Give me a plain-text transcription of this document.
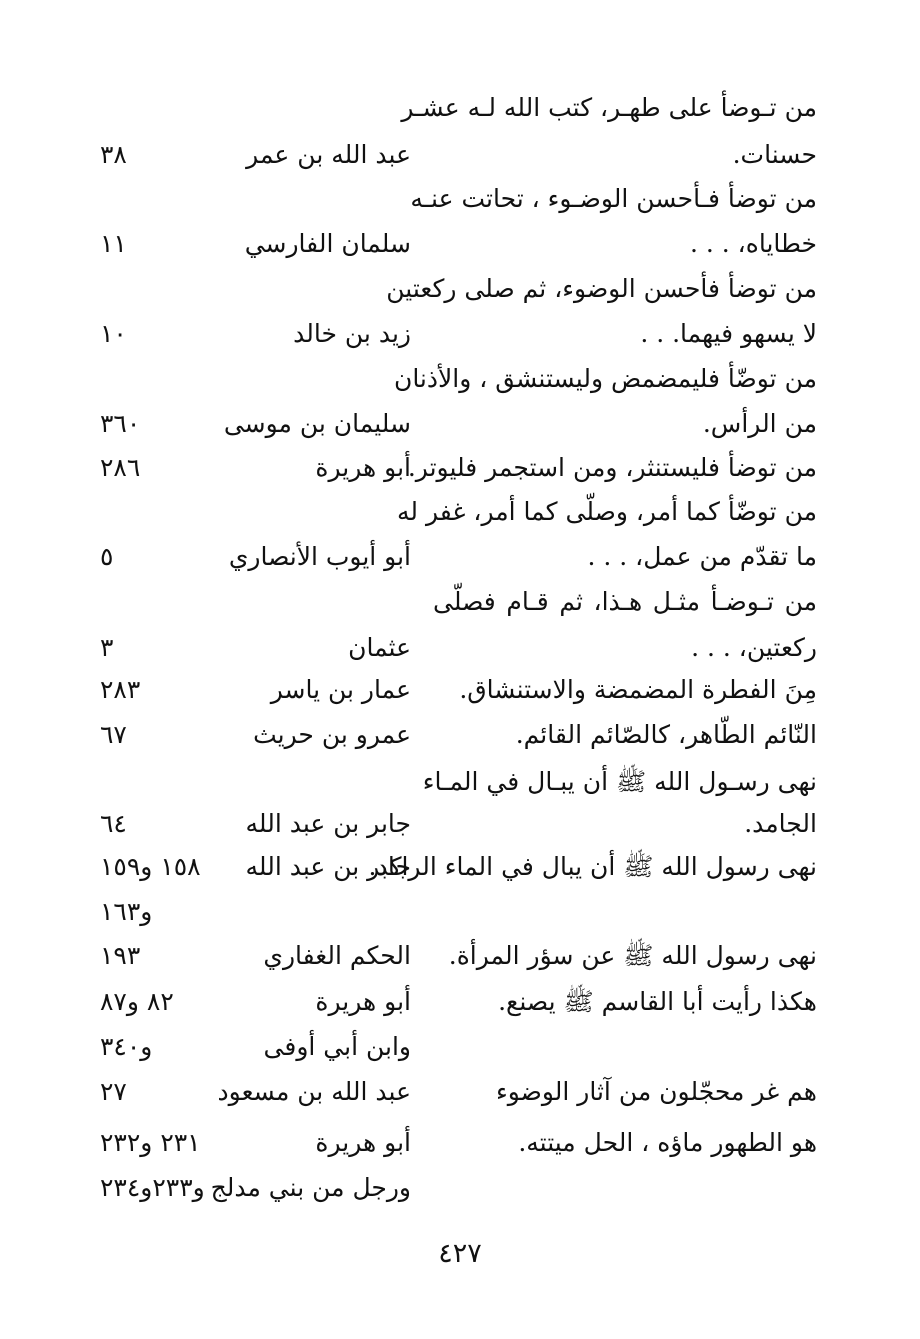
من تـوضأ على طهـر، كتب الله لـه عشـر
حسنات.
عبد الله بن عمر
٣٨
من توضأ فـأحسن الوضـوء ، تحاتت عنـه
خطاياه، . . .
سلمان الفارسي
١١
من توضأ فأحسن الوضوء، ثم صلى ركعتين
لا يسهو فيهما. . .
زيد بن خالد
١٠
من توضّأ فليمضمض وليستنشق ، والأذنان
من الرأس.
سليمان بن موسى
٣٦٠
من توضأ فليستنثر، ومن استجمر فليوتر.
أبو هريرة
٢٨٦
من توضّأ كما أمر، وصلّى كما أمر، غفر له
ما تقدّم من عمل، . . .
أبو أيوب الأنصاري
٥
من تـوضـأ مثـل هـذا، ثم قـام فصلّى
ركعتين، . . .
عثمان
٣
مِنَ الفطرة المضمضة والاستنشاق.
عمار بن ياسر
٢٨٣
النّائم الطّاهر، كالصّائم القائم.
عمرو بن حريث
٦٧
نهى رسـول الله ﷺ أن يبـال في المـاء
الجامد.
جابر بن عبد الله
٦٤
نهى رسول الله ﷺ أن يبال في الماء الراكد.
جابر بن عبد الله
١٥٨ و١٥٩
و١٦٣
نهى رسول الله ﷺ عن سؤر المرأة.
الحكم الغفاري
١٩٣
هكذا رأيت أبا القاسم ﷺ يصنع.
أبو هريرة
٨٢ و٨٧
وابن أبي أوفى
و٣٤٠
هم غر محجّلون من آثار الوضوء
عبد الله بن مسعود
٢٧
هو الطهور ماؤه ، الحل ميتته.
أبو هريرة
٢٣١ و٢٣٢
ورجل من بني مدلج
و٢٣٣و٢٣٤
٤٢٧
